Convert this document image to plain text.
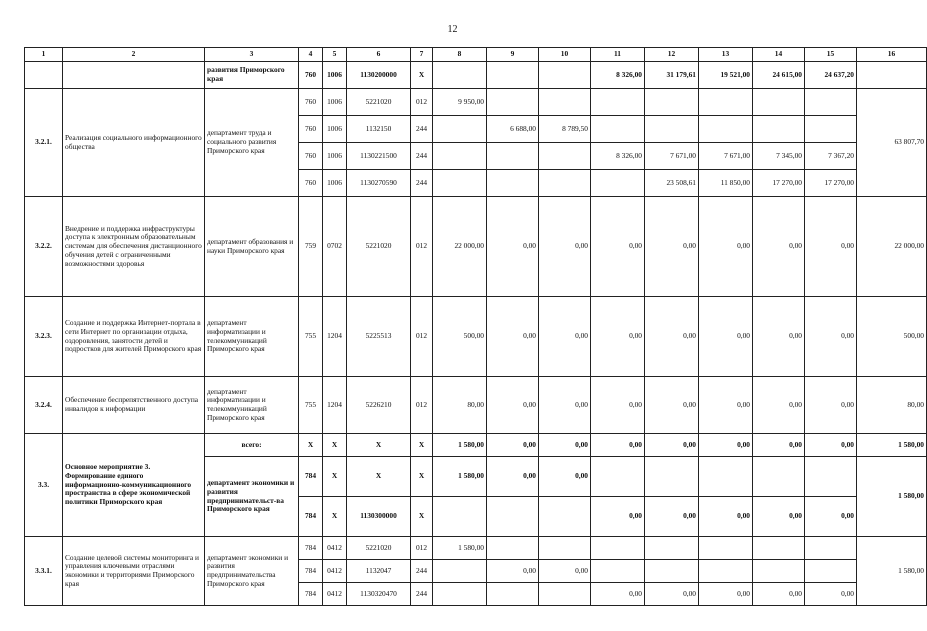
12
1	2	3	4	5	6	7	8	9	10	11	12	13	14	15	16
		развития Приморского края	760	1006	1130200000	X				8 326,00	31 179,61	19 521,00	24 615,00	24 637,20	
3.2.1.	Реализация социального информационного общества	департамент труда и социального развития Приморского края	760	1006	5221020	012	9 950,00								63 807,70
			760	1006	1132150	244		6 688,00	8 789,50						
			760	1006	1130221500	244				8 326,00	7 671,00	7 671,00	7 345,00	7 367,20	
			760	1006	1130270590	244					23 508,61	11 850,00	17 270,00	17 270,00	
3.2.2.	Внедрение и поддержка инфраструктуры доступа к электронным образовательным системам для обеспечения дистанционного обучения детей с ограниченными возможностями здоровья	департамент образования и науки Приморского края	759	0702	5221020	012	22 000,00	0,00	0,00	0,00	0,00	0,00	0,00	0,00	22 000,00
3.2.3.	Создание и поддержка Интернет-портала в сети Интернет по организации отдыха, оздоровления, занятости детей и подростков для жителей Приморского края	департамент информатизации и телекоммуникаций Приморского края	755	1204	5225513	012	500,00	0,00	0,00	0,00	0,00	0,00	0,00	0,00	500,00
3.2.4.	Обеспечение беспрепятственного доступа инвалидов к информации	департамент информатизации и телекоммуникаций Приморского края	755	1204	5226210	012	80,00	0,00	0,00	0,00	0,00	0,00	0,00	0,00	80,00
3.3.	Основное мероприятие 3. Формирование единого информационно-коммуникационного пространства в сфере экономической политики Приморского края	всего:	X	X	X	X	1 580,00	0,00	0,00	0,00	0,00	0,00	0,00	0,00	1 580,00
		департамент экономики и развития предпринимательст-ва Приморского края	784	X	X	X	1 580,00	0,00	0,00						1 580,00
			784	X	1130300000	X				0,00	0,00	0,00	0,00	0,00	
3.3.1.	Создание целевой системы мониторинга и управления ключевыми отраслями экономики и территориями Приморского края	департамент экономики и развития предпринимательства Приморского края	784	0412	5221020	012	1 580,00								1 580,00
			784	0412	1132047	244		0,00	0,00						
			784	0412	1130320470	244				0,00	0,00	0,00	0,00	0,00	
